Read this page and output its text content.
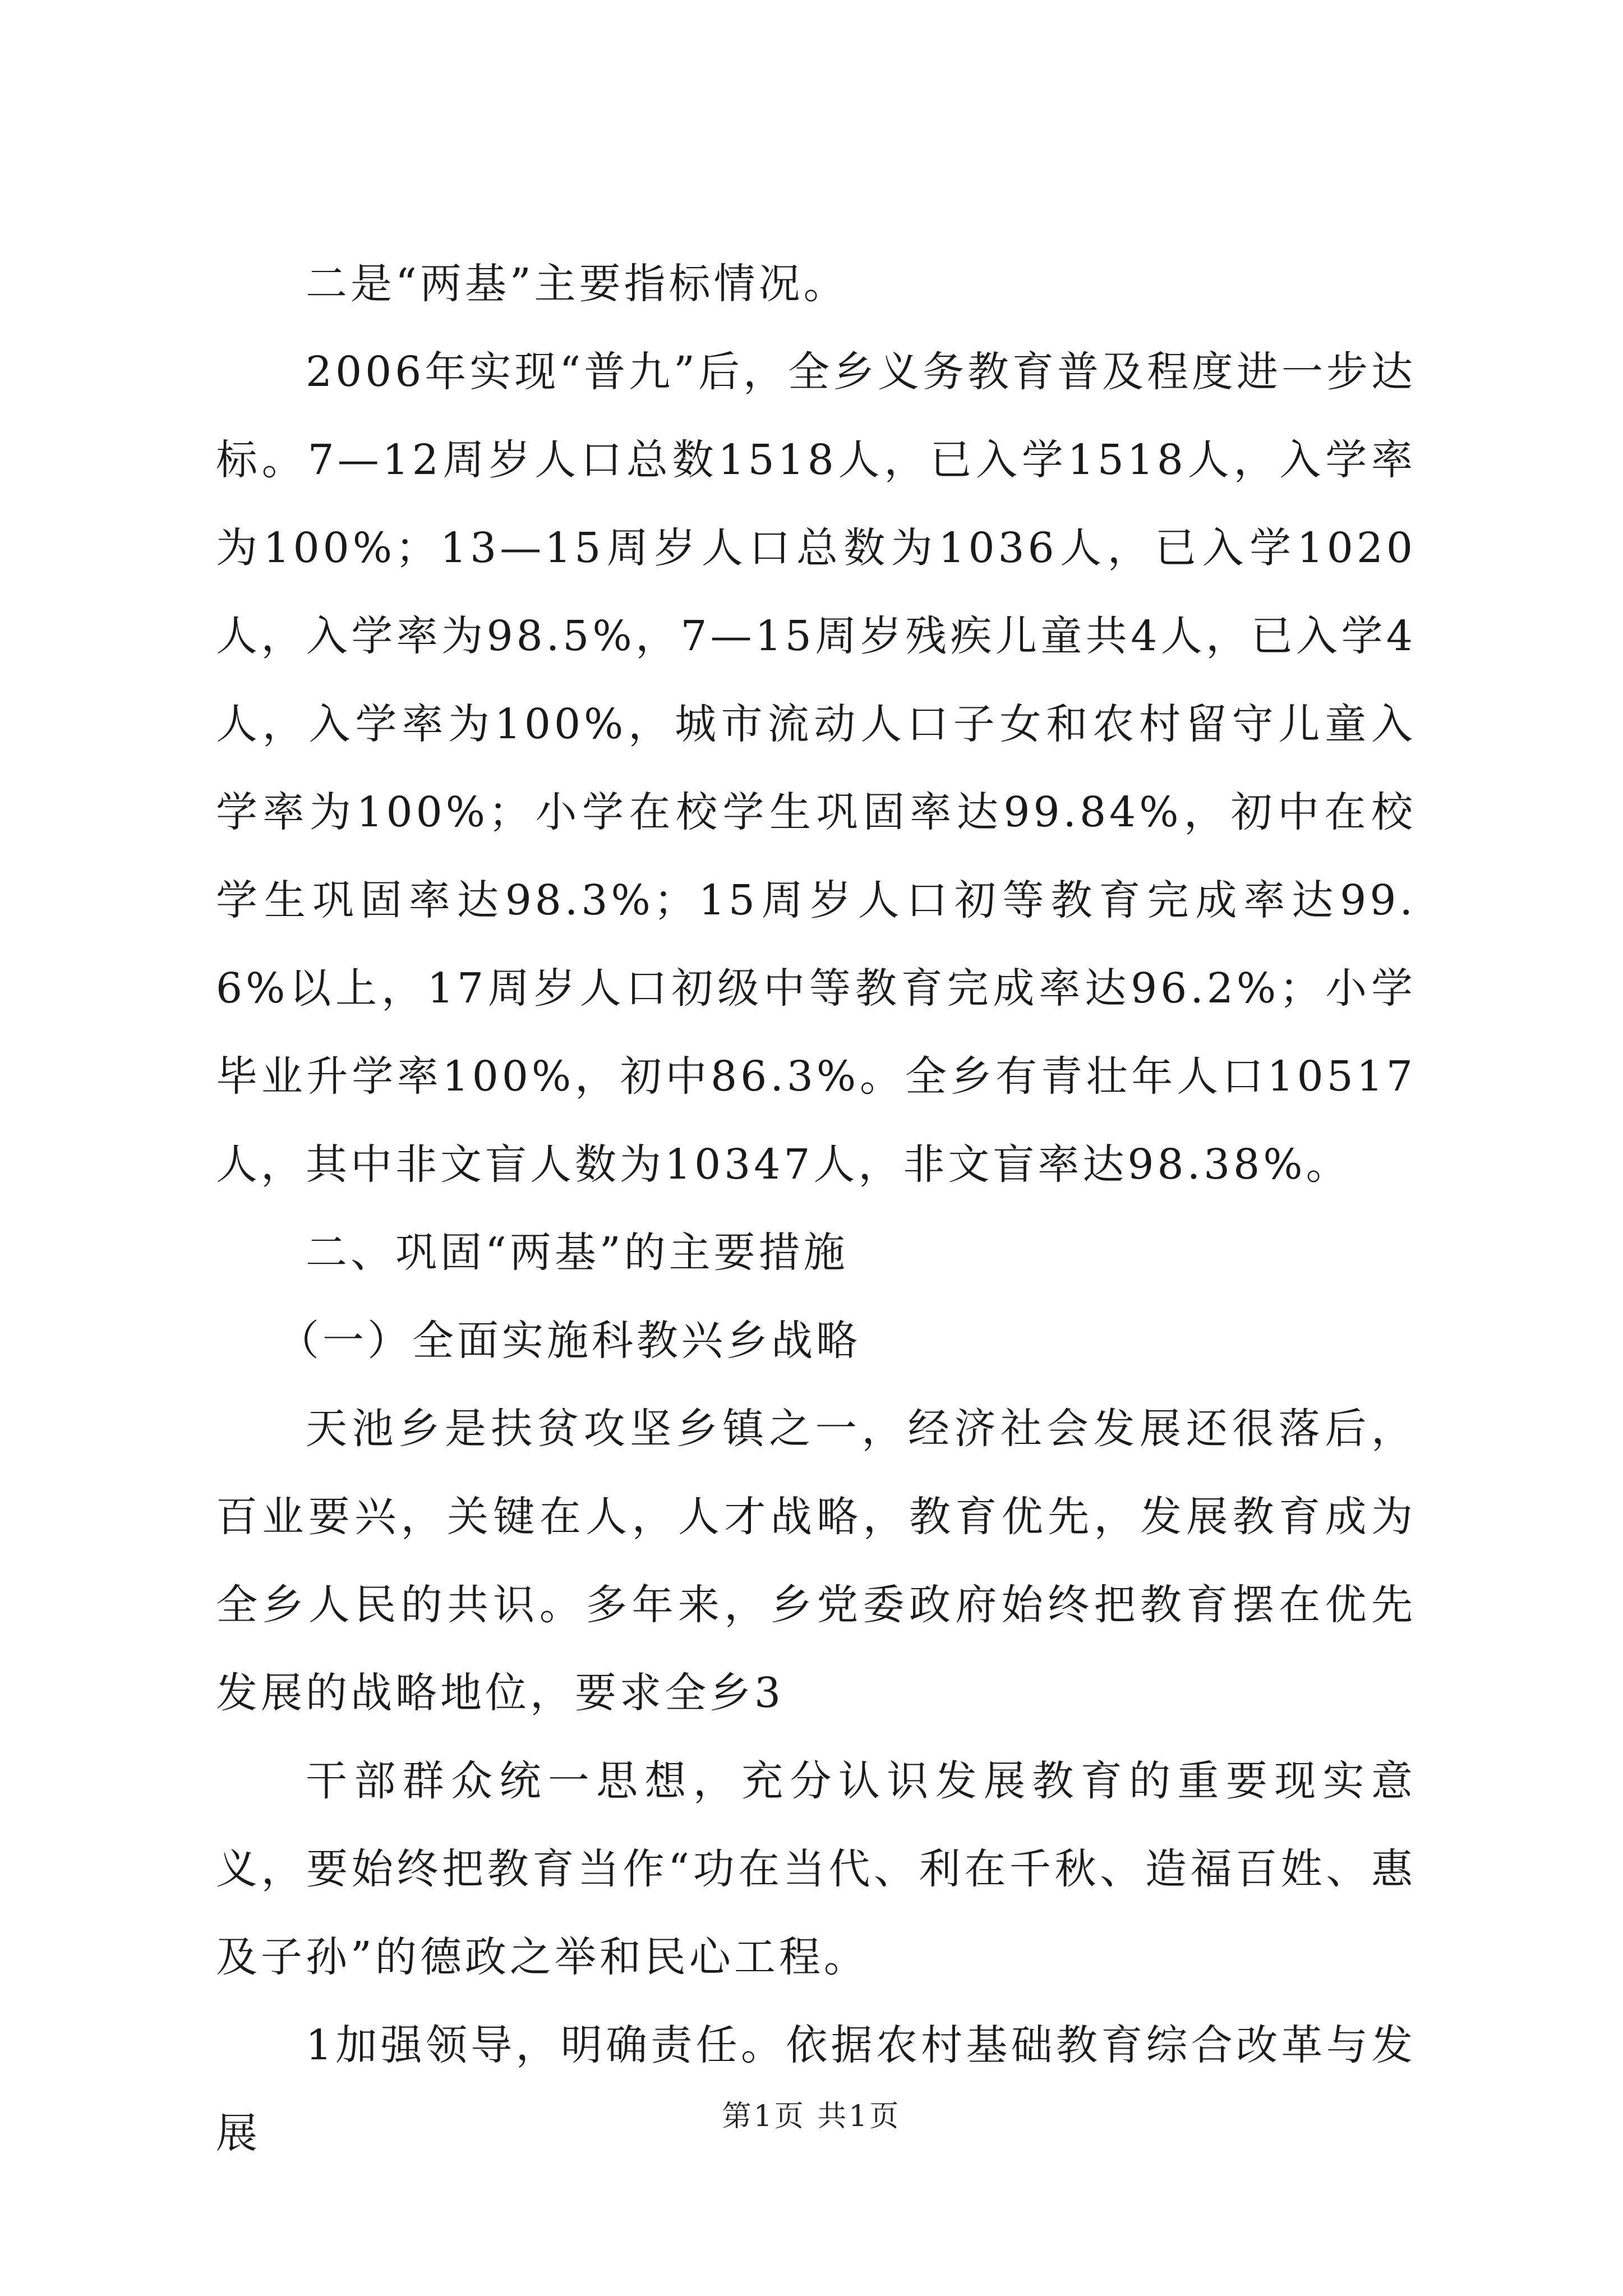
二是“两基”主要指标情况。

2006年实现“普九”后，全乡义务教育普及程度进一步达标。7—12周岁人口总数1518人，已入学1518人，入学率为100%；13—15周岁人口总数为1036人，已入学1020人，入学率为98.5%，7—15周岁残疾儿童共4人，已入学4人，入学率为100%，城市流动人口子女和农村留守儿童入学率为100%；小学在校学生巩固率达99.84%，初中在校学生巩固率达98.3%；15周岁人口初等教育完成率达99.6%以上，17周岁人口初级中等教育完成率达96.2%；小学毕业升学率100%，初中86.3%。全乡有青壮年人口10517人，其中非文盲人数为10347人，非文盲率达98.38%。

二、巩固“两基”的主要措施

（一）全面实施科教兴乡战略

天池乡是扶贫攻坚乡镇之一，经济社会发展还很落后，百业要兴，关键在人，人才战略，教育优先，发展教育成为全乡人民的共识。多年来，乡党委政府始终把教育摆在优先发展的战略地位，要求全乡3

干部群众统一思想，充分认识发展教育的重要现实意义，要始终把教育当作“功在当代、利在千秋、造福百姓、惠及子孙”的德政之举和民心工程。

1加强领导，明确责任。依据农村基础教育综合改革与发展	第1页 共1页
